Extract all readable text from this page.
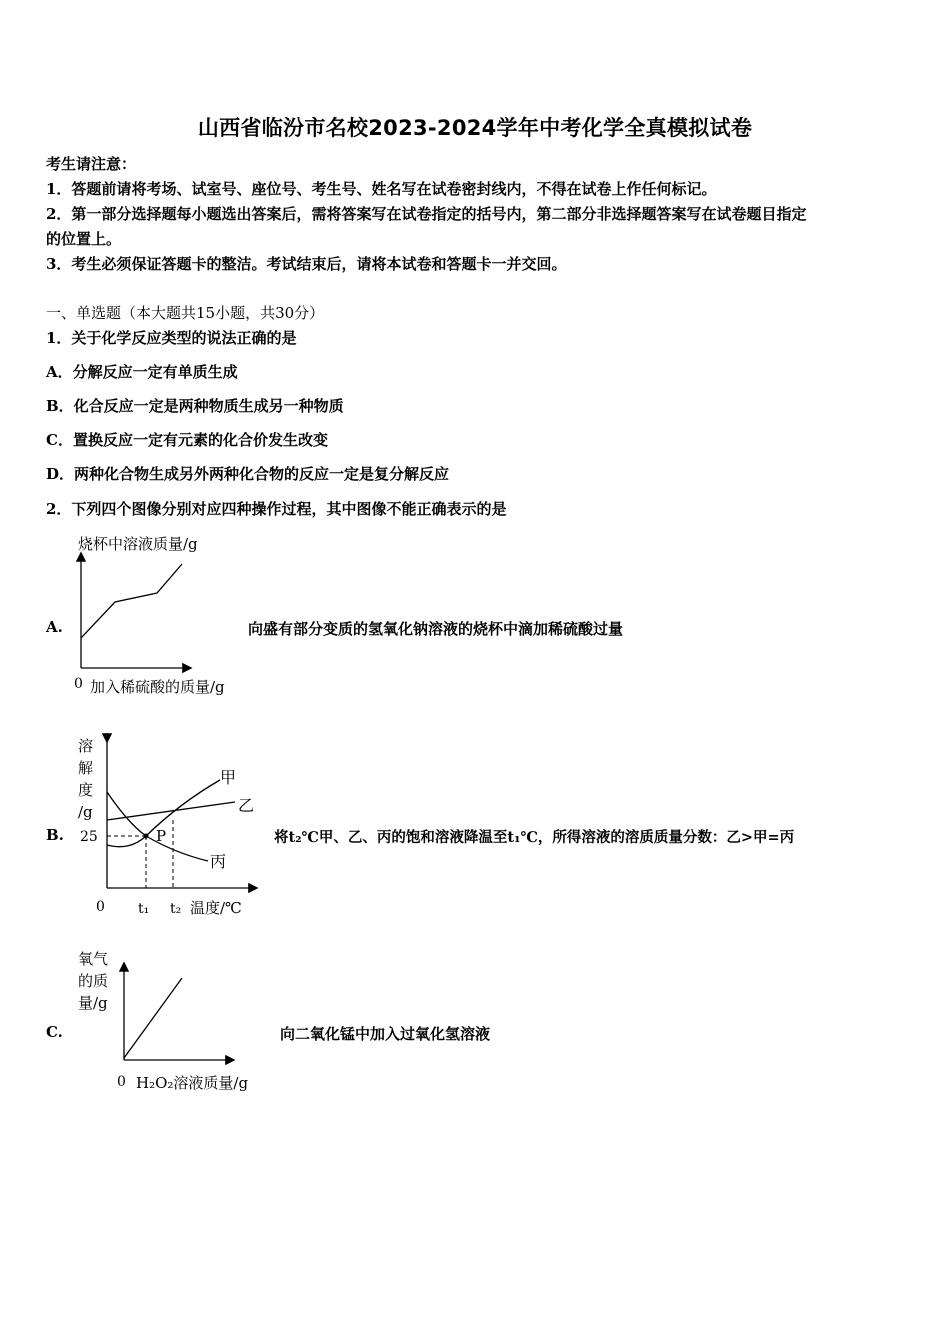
山西省临汾市名校2023-2024学年中考化学全真模拟试卷
考生请注意：
1．答题前请将考场、试室号、座位号、考生号、姓名写在试卷密封线内，不得在试卷上作任何标记。
2．第一部分选择题每小题选出答案后，需将答案写在试卷指定的括号内，第二部分非选择题答案写在试卷题目指定
的位置上。
3．考生必须保证答题卡的整洁。考试结束后，请将本试卷和答题卡一并交回。
一、单选题（本大题共15小题，共30分）
1．关于化学反应类型的说法正确的是
A．分解反应一定有单质生成
B．化合反应一定是两种物质生成另一种物质
C．置换反应一定有元素的化合价发生改变
D．两种化合物生成另外两种化合物的反应一定是复分解反应
2．下列四个图像分别对应四种操作过程，其中图像不能正确表示的是
A.	向盛有部分变质的氢氧化钠溶液的烧杯中滴加稀硫酸过量
烧杯中溶液质量/g
0 加入稀硫酸的质量/g
B.	将t₂℃甲、乙、丙的饱和溶液降温至t₁℃，所得溶液的溶质质量分数：乙>甲=丙
溶
解
度
/g
25	P
甲
乙
丙
0 t₁ t₂ 温度/℃
C.	向二氧化锰中加入过氧化氢溶液
氧气
的质
量/g
0 H₂O₂溶液质量/g
